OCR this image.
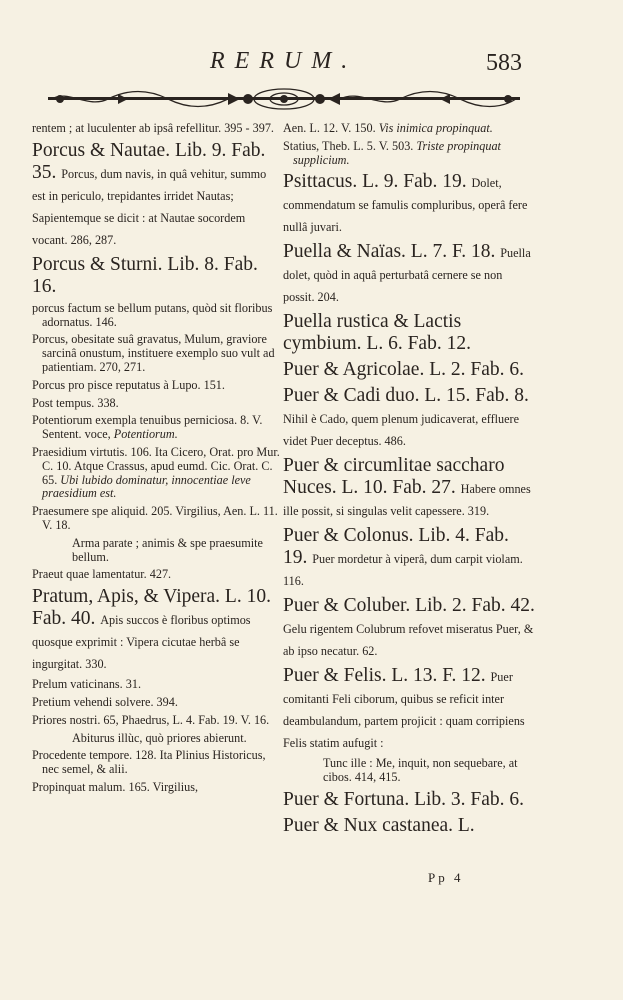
RERUM.	583
rentem ; at luculenter ab ipsâ refellitur. 395 - 397.
Porcus & Nautae. Lib. 9. Fab. 35. Porcus, dum navis, in quâ vehitur, summo est in periculo, trepidantes irridet Nautas; Sapientemque se dicit : at Nautae socordem vocant. 286, 287.
Porcus & Sturni. Lib. 8. Fab. 16.
porcus factum se bellum putans, quòd sit floribus adornatus. 146.
Porcus, obesitate suâ gravatus, Mulum, graviore sarcinâ onustum, instituere exemplo suo vult ad patientiam. 270, 271.
Porcus pro pisce reputatus à Lupo. 151.
Post tempus. 338.
Potentiorum exempla tenuibus perniciosa. 8. V. Sentent. voce, Potentiorum.
Praesidium virtutis. 106. Ita Cicero, Orat. pro Mur. C. 10. Atque Crassus, apud eumd. Cic. Orat. C. 65. Ubi lubido dominatur, innocentiae leve praesidium est.
Praesumere spe aliquid. 205. Virgilius, Aen. L. 11. V. 18.
Arma parate ; animis & spe praesumite bellum.
Praeut quae lamentatur. 427.
Pratum, Apis, & Vipera. L. 10. Fab. 40. Apis succos è floribus optimos quosque exprimit : Vipera cicutae herbâ se ingurgitat. 330.
Prelum vaticinans. 31.
Pretium vehendi solvere. 394.
Priores nostri. 65, Phaedrus, L. 4. Fab. 19. V. 16.
Abiturus illùc, quò priores abierunt.
Procedente tempore. 128. Ita Plinius Historicus, nec semel, & alii.
Propinquat malum. 165. Virgilius,
Aen. L. 12. V. 150. Vis inimica propinquat.
Statius, Theb. L. 5. V. 503. Triste propinquat supplicium.
Psittacus. L. 9. Fab. 19. Dolet, commendatum se famulis compluribus, operâ fere nullâ juvari.
Puella & Naïas. L. 7. F. 18. Puella dolet, quòd in aquâ perturbatâ cernere se non possit. 204.
Puella rustica & Lactis cymbium. L. 6. Fab. 12.
Puer & Agricolae. L. 2. Fab. 6.
Puer & Cadi duo. L. 15. Fab. 8. Nihil è Cado, quem plenum judicaverat, effluere videt Puer deceptus. 486.
Puer & circumlitae saccharo Nuces. L. 10. Fab. 27. Habere omnes ille possit, si singulas velit capessere. 319.
Puer & Colonus. Lib. 4. Fab. 19. Puer mordetur à viperâ, dum carpit violam. 116.
Puer & Coluber. Lib. 2. Fab. 42. Gelu rigentem Colubrum refovet miseratus Puer, & ab ipso necatur. 62.
Puer & Felis. L. 13. F. 12. Puer comitanti Feli ciborum, quibus se reficit inter deambulandum, partem projicit : quam corripiens Felis statim aufugit :
Tunc ille : Me, inquit, non sequebare, at cibos. 414, 415.
Puer & Fortuna. Lib. 3. Fab. 6.
Puer & Nux castanea. L.
Pp 4
